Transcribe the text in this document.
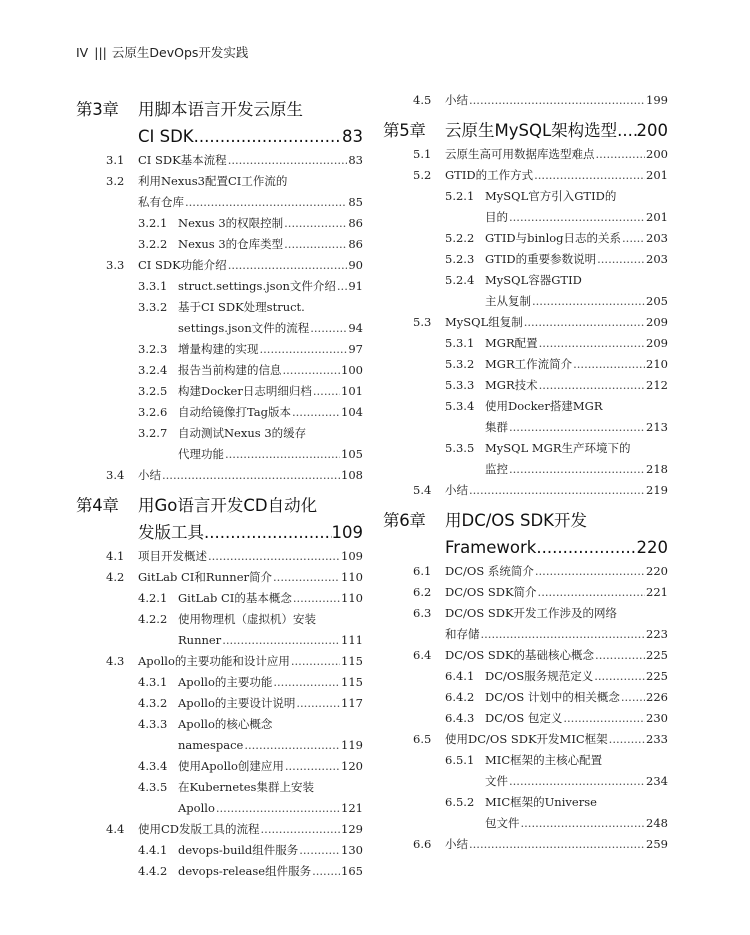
IV ||| 云原生DevOps开发实践
第3章	用脚本语言开发云原生
CI SDK .....	83
3.1	CI SDK基本流程 .....	83
3.2	利用Nexus3配置CI工作流的
私有仓库 .....	85
3.2.1 Nexus 3的权限控制 .....	86
3.2.2 Nexus 3的仓库类型 .....	86
3.3	CI SDK功能介绍 .....	90
3.3.1 struct.settings.json文件介绍 ..... 91
3.3.2 基于CI SDK处理struct.
settings.json文件的流程 .....	94
3.2.3 增量构建的实现 .....	97
3.2.4 报告当前构建的信息 .....	100
3.2.5 构建Docker日志明细归档 .....	101
3.2.6 自动给镜像打Tag版本 .....	104
3.2.7 自动测试Nexus 3的缓存
代理功能 .....	105
3.4	小结 .....	108
第4章	用Go语言开发CD自动化
发版工具 .....	109
4.1	项目开发概述 .....	109
4.2	GitLab CI和Runner简介 .....	110
4.2.1 GitLab CI的基本概念 .....	110
4.2.2 使用物理机（虚拟机）安装
Runner .....	111
4.3	Apollo的主要功能和设计应用 .....	115
4.3.1 Apollo的主要功能 .....	115
4.3.2 Apollo的主要设计说明 .....	117
4.3.3 Apollo的核心概念
namespace .....	119
4.3.4 使用Apollo创建应用 .....	120
4.3.5 在Kubernetes集群上安装
Apollo .....	121
4.4	使用CD发版工具的流程 .....	129
4.4.1 devops-build组件服务 .....	130
4.4.2 devops-release组件服务 .....	165
4.5	小结 .....	199
第5章	云原生MySQL架构选型 ..... 200
5.1	云原生高可用数据库选型难点 .....	200
5.2	GTID的工作方式 .....	201
5.2.1 MySQL官方引入GTID的
目的 .....	201
5.2.2 GTID与binlog日志的关系 ..... 203
5.2.3 GTID的重要参数说明 .....	203
5.2.4 MySQL容器GTID
主从复制 .....	205
5.3	MySQL组复制 .....	209
5.3.1 MGR配置 .....	209
5.3.2 MGR工作流简介 .....	210
5.3.3 MGR技术 .....	212
5.3.4 使用Docker搭建MGR
集群 .....	213
5.3.5 MySQL MGR生产环境下的
监控 .....	218
5.4	小结 .....	219
第6章	用DC/OS SDK开发
Framework .....	220
6.1	DC/OS 系统简介 .....	220
6.2	DC/OS SDK简介 .....	221
6.3	DC/OS SDK开发工作涉及的网络
和存储 .....	223
6.4	DC/OS SDK的基础核心概念 .....	225
6.4.1 DC/OS服务规范定义 .....	225
6.4.2 DC/OS 计划中的相关概念 ..... 226
6.4.3 DC/OS 包定义 .....	230
6.5	使用DC/OS SDK开发MIC框架 .....	233
6.5.1 MIC框架的主核心配置
文件 .....	234
6.5.2 MIC框架的Universe
包文件 .....	248
6.6	小结 .....	259
